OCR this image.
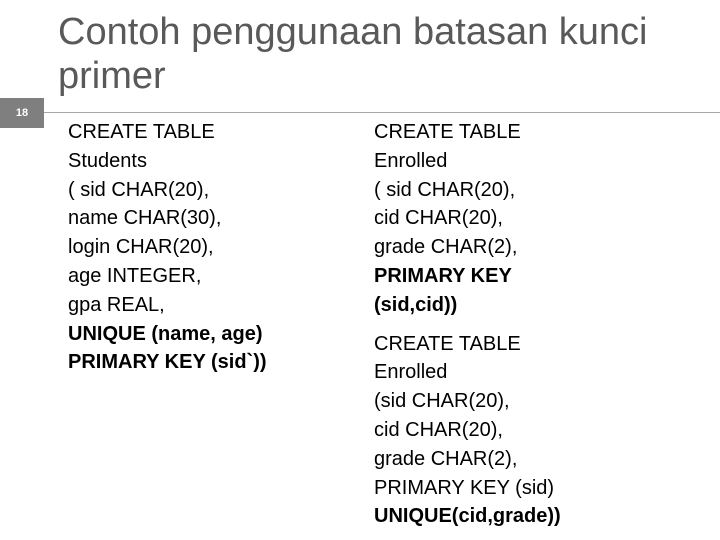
Contoh penggunaan batasan kunci primer
18
CREATE TABLE
Students
( sid CHAR(20),
name CHAR(30),
login CHAR(20),
age INTEGER,
gpa REAL,
UNIQUE (name, age)
PRIMARY KEY (sid`))
CREATE TABLE
Enrolled
( sid CHAR(20),
cid CHAR(20),
grade CHAR(2),
PRIMARY KEY
(sid,cid))
CREATE TABLE
Enrolled
(sid CHAR(20),
cid CHAR(20),
grade CHAR(2),
PRIMARY KEY (sid)
UNIQUE(cid,grade))
